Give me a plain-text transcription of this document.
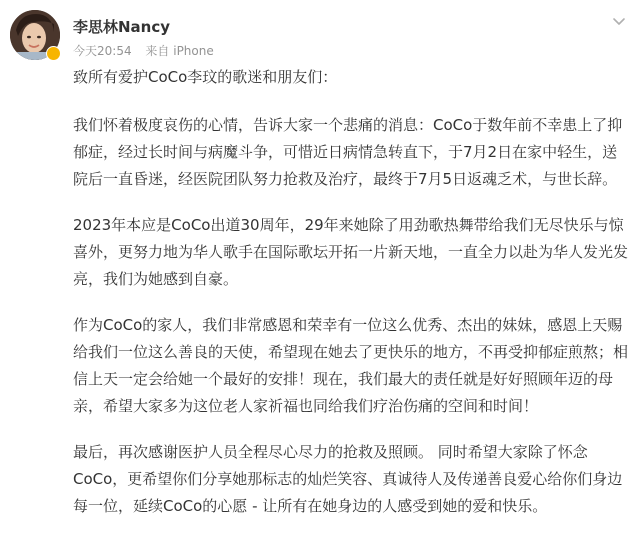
李思林Nancy
今天20:54 来自 iPhone

致所有爱护CoCo李玟的歌迷和朋友们：

我们怀着极度哀伤的心情，告诉大家一个悲痛的消息：CoCo于数年前不幸患上了抑郁症，经过长时间与病魔斗争，可惜近日病情急转直下，于7月2日在家中轻生，送院后一直昏迷，经医院团队努力抢救及治疗，最终于7月5日返魂乏术，与世长辞。

2023年本应是CoCo出道30周年，29年来她除了用劲歌热舞带给我们无尽快乐与惊喜外，更努力地为华人歌手在国际歌坛开拓一片新天地，一直全力以赴为华人发光发亮，我们为她感到自豪。

作为CoCo的家人，我们非常感恩和荣幸有一位这么优秀、杰出的妹妹，感恩上天赐给我们一位这么善良的天使，希望现在她去了更快乐的地方，不再受抑郁症煎熬；相信上天一定会给她一个最好的安排！现在，我们最大的责任就是好好照顾年迈的母亲，希望大家多为这位老人家祈福也同给我们疗治伤痛的空间和时间！

最后，再次感谢医护人员全程尽心尽力的抢救及照顾。 同时希望大家除了怀念CoCo，更希望你们分享她那标志的灿烂笑容、真诚待人及传递善良爱心给你们身边每一位，延续CoCo的心愿 - 让所有在她身边的人感受到她的爱和快乐。
